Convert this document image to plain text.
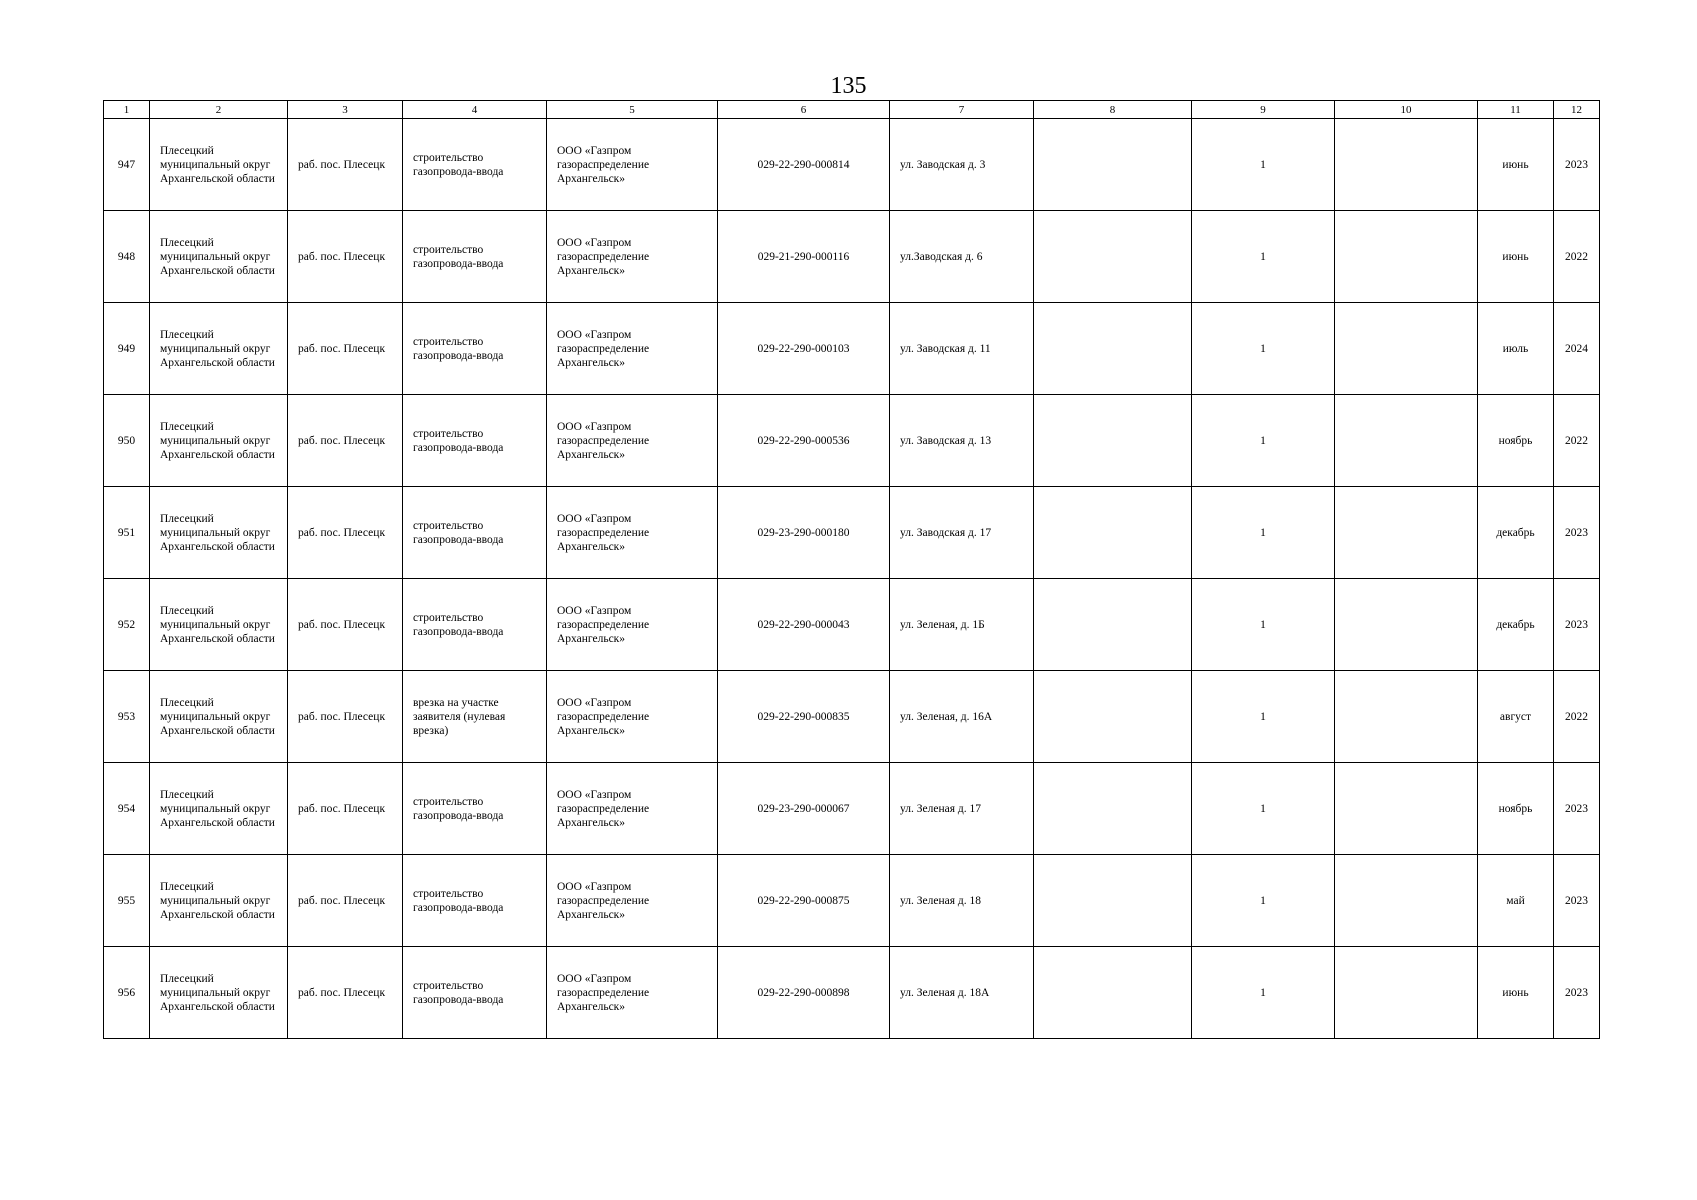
135
1	2	3	4	5	6	7	8	9	10	11	12
947	Плесецкий муниципальный округ Архангельской области	раб. пос. Плесецк	строительство газопровода-ввода	ООО «Газпром газораспределение Архангельск»	029-22-290-000814	ул. Заводская д. 3		1		июнь	2023
948	Плесецкий муниципальный округ Архангельской области	раб. пос. Плесецк	строительство газопровода-ввода	ООО «Газпром газораспределение Архангельск»	029-21-290-000116	ул.Заводская д. 6		1		июнь	2022
949	Плесецкий муниципальный округ Архангельской области	раб. пос. Плесецк	строительство газопровода-ввода	ООО «Газпром газораспределение Архангельск»	029-22-290-000103	ул. Заводская д. 11		1		июль	2024
950	Плесецкий муниципальный округ Архангельской области	раб. пос. Плесецк	строительство газопровода-ввода	ООО «Газпром газораспределение Архангельск»	029-22-290-000536	ул. Заводская д. 13		1		ноябрь	2022
951	Плесецкий муниципальный округ Архангельской области	раб. пос. Плесецк	строительство газопровода-ввода	ООО «Газпром газораспределение Архангельск»	029-23-290-000180	ул. Заводская д. 17		1		декабрь	2023
952	Плесецкий муниципальный округ Архангельской области	раб. пос. Плесецк	строительство газопровода-ввода	ООО «Газпром газораспределение Архангельск»	029-22-290-000043	ул. Зеленая, д. 1Б		1		декабрь	2023
953	Плесецкий муниципальный округ Архангельской области	раб. пос. Плесецк	врезка на участке заявителя (нулевая врезка)	ООО «Газпром газораспределение Архангельск»	029-22-290-000835	ул. Зеленая, д. 16А		1		август	2022
954	Плесецкий муниципальный округ Архангельской области	раб. пос. Плесецк	строительство газопровода-ввода	ООО «Газпром газораспределение Архангельск»	029-23-290-000067	ул. Зеленая д. 17		1		ноябрь	2023
955	Плесецкий муниципальный округ Архангельской области	раб. пос. Плесецк	строительство газопровода-ввода	ООО «Газпром газораспределение Архангельск»	029-22-290-000875	ул. Зеленая д. 18		1		май	2023
956	Плесецкий муниципальный округ Архангельской области	раб. пос. Плесецк	строительство газопровода-ввода	ООО «Газпром газораспределение Архангельск»	029-22-290-000898	ул. Зеленая д. 18А		1		июнь	2023
